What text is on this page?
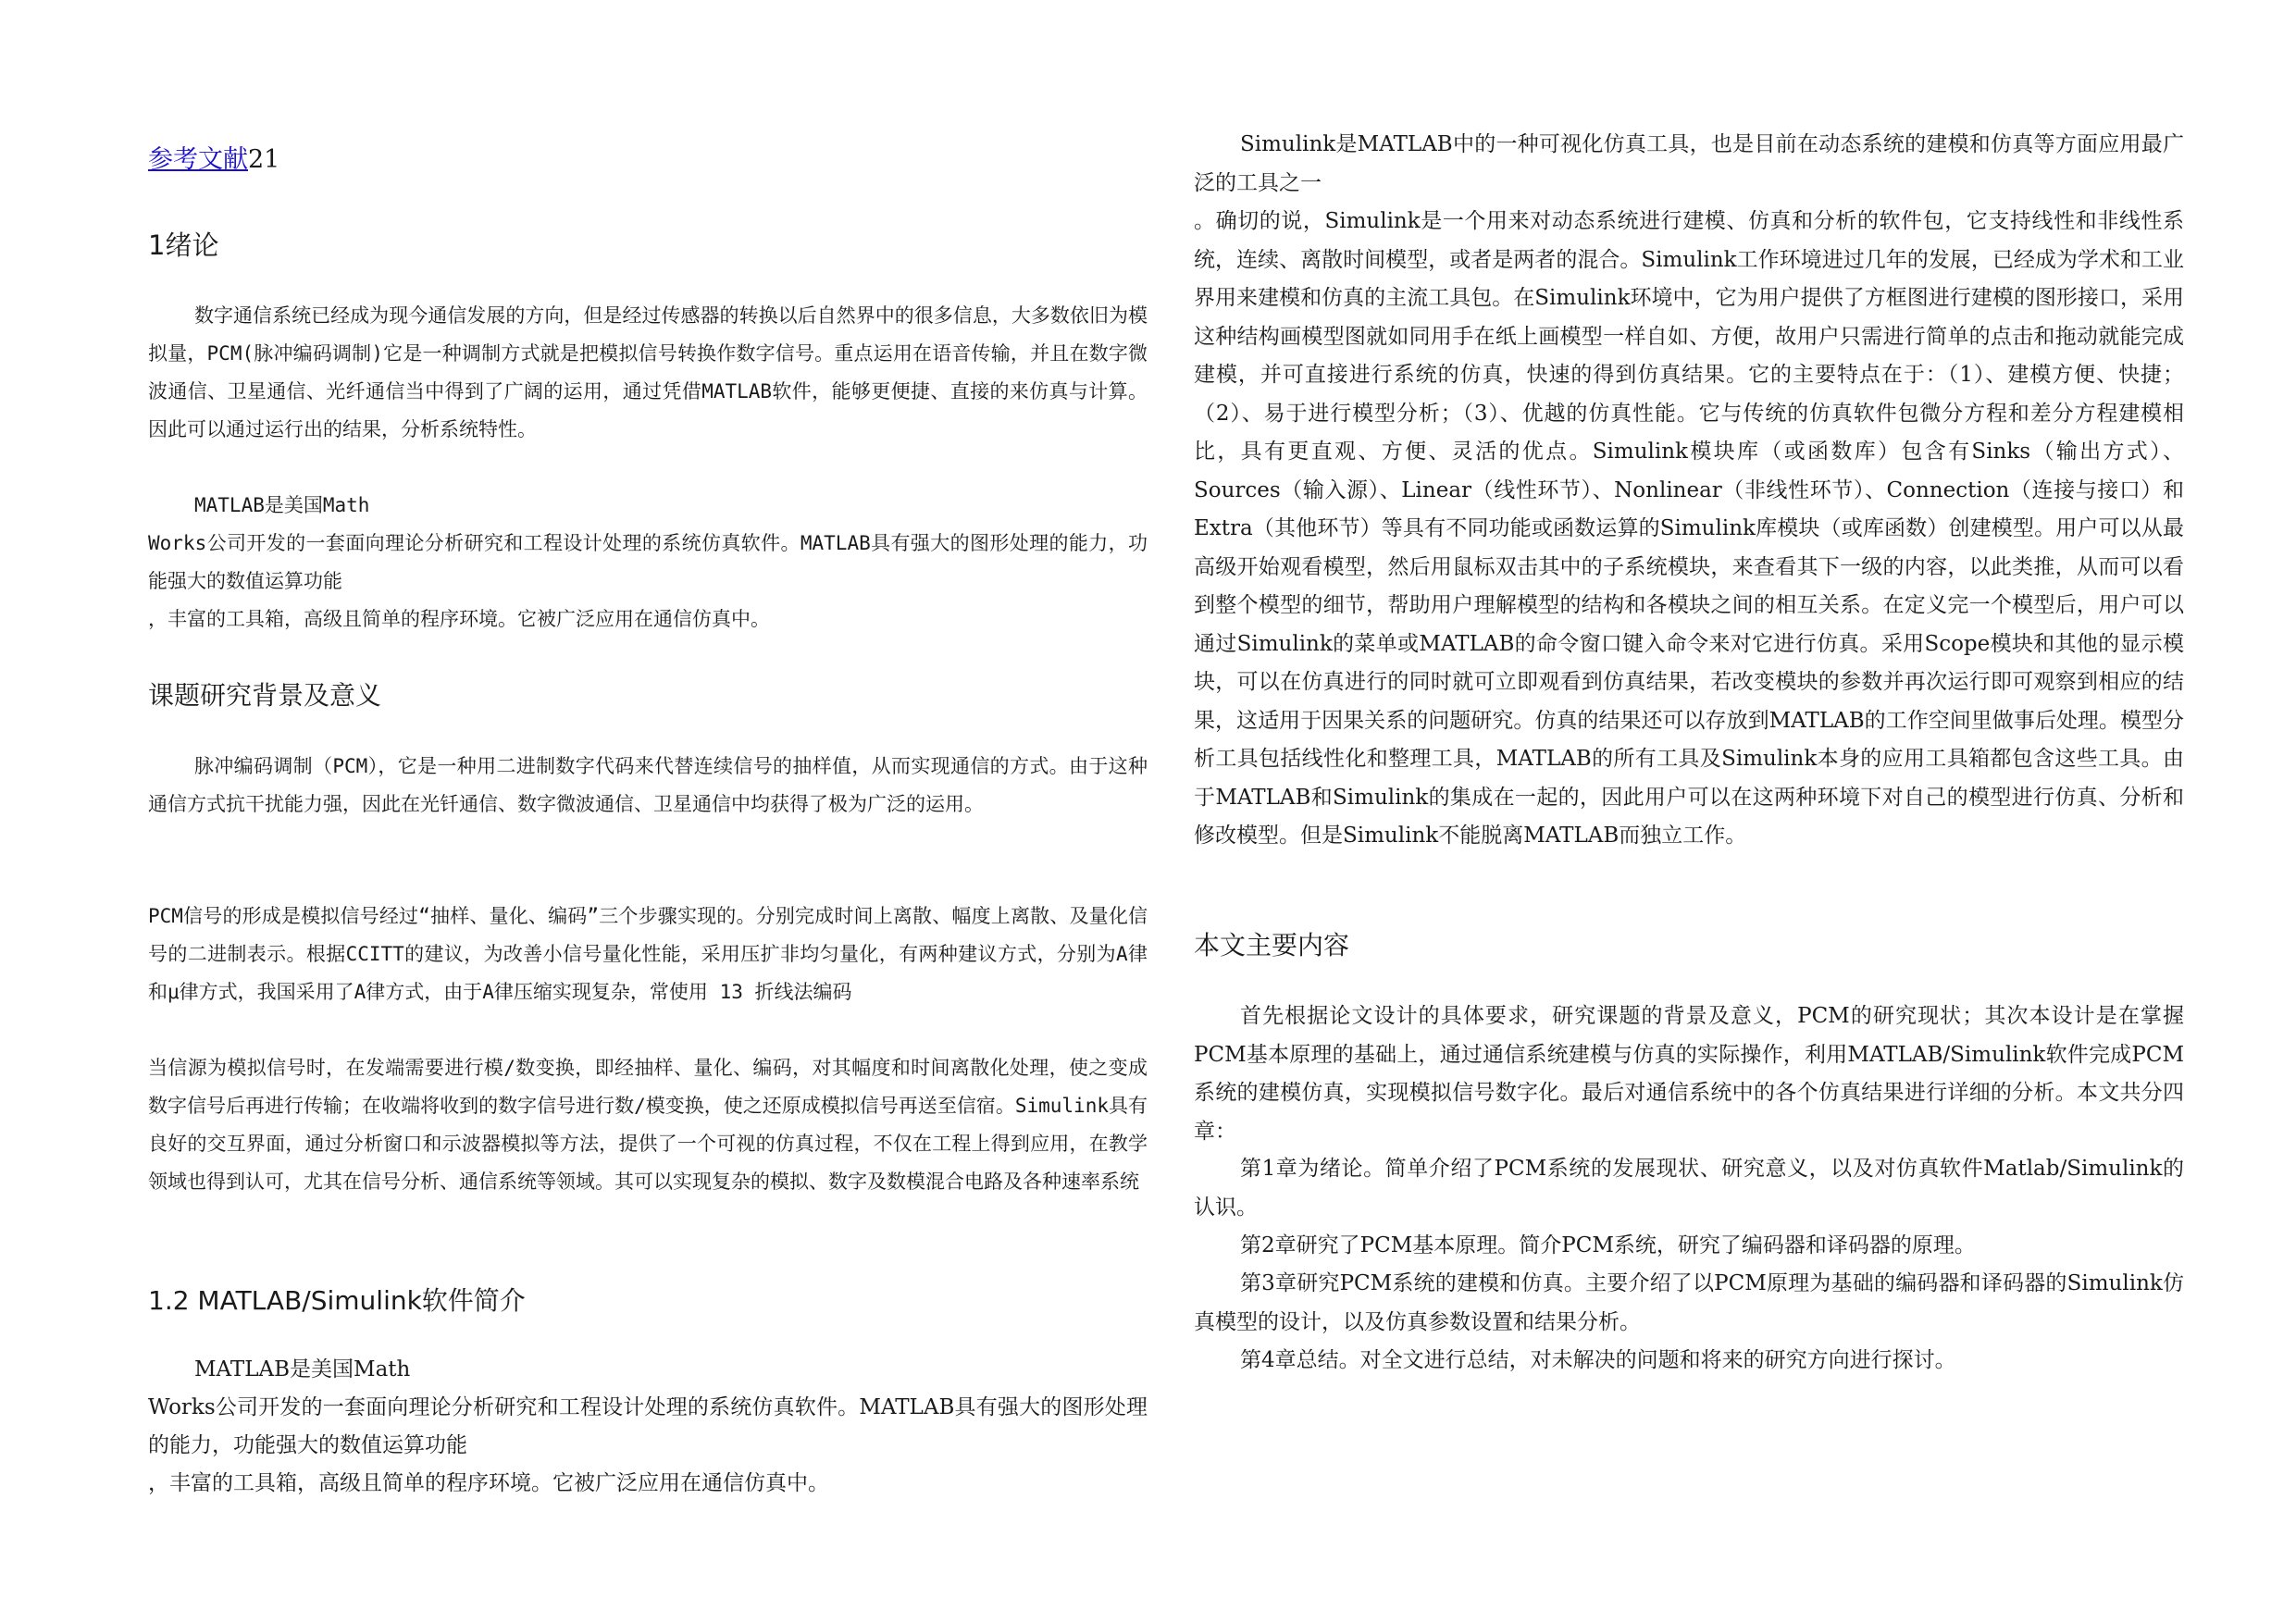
参考文献21
1绪论

数字通信系统已经成为现今通信发展的方向，但是经过传感器的转换以后自然界中的很多信息，大多数依旧为模拟量，PCM(脉冲编码调制)它是一种调制方式就是把模拟信号转换作数字信号。重点运用在语音传输，并且在数字微波通信、卫星通信、光纤通信当中得到了广阔的运用，通过凭借MATLAB软件，能够更便捷、直接的来仿真与计算。因此可以通过运行出的结果，分析系统特性。

MATLAB是美国Math

Works公司开发的一套面向理论分析研究和工程设计处理的系统仿真软件。MATLAB具有强大的图形处理的能力，功能强大的数值运算功能

，丰富的工具箱，高级且简单的程序环境。它被广泛应用在通信仿真中。

课题研究背景及意义

脉冲编码调制（PCM），它是一种用二进制数字代码来代替连续信号的抽样值，从而实现通信的方式。由于这种通信方式抗干扰能力强，因此在光钎通信、数字微波通信、卫星通信中均获得了极为广泛的运用。

PCM信号的形成是模拟信号经过“抽样、量化、编码”三个步骤实现的。分别完成时间上离散、幅度上离散、及量化信号的二进制表示。根据CCITT的建议，为改善小信号量化性能，采用压扩非均匀量化，有两种建议方式，分别为A律和μ律方式，我国采用了A律方式，由于A律压缩实现复杂，常使用 13 折线法编码

当信源为模拟信号时，在发端需要进行模/数变换，即经抽样、量化、编码，对其幅度和时间离散化处理，使之变成数字信号后再进行传输；在收端将收到的数字信号进行数/模变换，使之还原成模拟信号再送至信宿。Simulink具有良好的交互界面，通过分析窗口和示波器模拟等方法，提供了一个可视的仿真过程，不仅在工程上得到应用，在教学领域也得到认可，尤其在信号分析、通信系统等领域。其可以实现复杂的模拟、数字及数模混合电路及各种速率系统

1.2 MATLAB/Simulink软件简介

MATLAB是美国Math

Works公司开发的一套面向理论分析研究和工程设计处理的系统仿真软件。MATLAB具有强大的图形处理的能力，功能强大的数值运算功能

，丰富的工具箱，高级且简单的程序环境。它被广泛应用在通信仿真中。

Simulink是MATLAB中的一种可视化仿真工具，也是目前在动态系统的建模和仿真等方面应用最广泛的工具之一

。确切的说，Simulink是一个用来对动态系统进行建模、仿真和分析的软件包，它支持线性和非线性系统，连续、离散时间模型，或者是两者的混合。Simulink工作环境进过几年的发展，已经成为学术和工业界用来建模和仿真的主流工具包。在Simulink环境中，它为用户提供了方框图进行建模的图形接口，采用这种结构画模型图就如同用手在纸上画模型一样自如、方便，故用户只需进行简单的点击和拖动就能完成建模，并可直接进行系统的仿真，快速的得到仿真结果。它的主要特点在于：（1）、建模方便、快捷；（2）、易于进行模型分析；（3）、优越的仿真性能。它与传统的仿真软件包微分方程和差分方程建模相比，具有更直观、方便、灵活的优点。Simulink模块库（或函数库）包含有Sinks（输出方式）、Sources（输入源）、Linear（线性环节）、Nonlinear（非线性环节）、Connection（连接与接口）和Extra（其他环节）等具有不同功能或函数运算的Simulink库模块（或库函数）创建模型。用户可以从最高级开始观看模型，然后用鼠标双击其中的子系统模块，来查看其下一级的内容，以此类推，从而可以看到整个模型的细节，帮助用户理解模型的结构和各模块之间的相互关系。在定义完一个模型后，用户可以通过Simulink的菜单或MATLAB的命令窗口键入命令来对它进行仿真。采用Scope模块和其他的显示模块，可以在仿真进行的同时就可立即观看到仿真结果，若改变模块的参数并再次运行即可观察到相应的结果，这适用于因果关系的问题研究。仿真的结果还可以存放到MATLAB的工作空间里做事后处理。模型分析工具包括线性化和整理工具，MATLAB的所有工具及Simulink本身的应用工具箱都包含这些工具。由于MATLAB和Simulink的集成在一起的，因此用户可以在这两种环境下对自己的模型进行仿真、分析和修改模型。但是Simulink不能脱离MATLAB而独立工作。

本文主要内容

首先根据论文设计的具体要求，研究课题的背景及意义，PCM的研究现状；其次本设计是在掌握PCM基本原理的基础上，通过通信系统建模与仿真的实际操作，利用MATLAB/Simulink软件完成PCM系统的建模仿真，实现模拟信号数字化。最后对通信系统中的各个仿真结果进行详细的分析。本文共分四章：

第1章为绪论。简单介绍了PCM系统的发展现状、研究意义，以及对仿真软件Matlab/Simulink的认识。

第2章研究了PCM基本原理。简介PCM系统，研究了编码器和译码器的原理。

第3章研究PCM系统的建模和仿真。主要介绍了以PCM原理为基础的编码器和译码器的Simulink仿真模型的设计，以及仿真参数设置和结果分析。

第4章总结。对全文进行总结，对未解决的问题和将来的研究方向进行探讨。
